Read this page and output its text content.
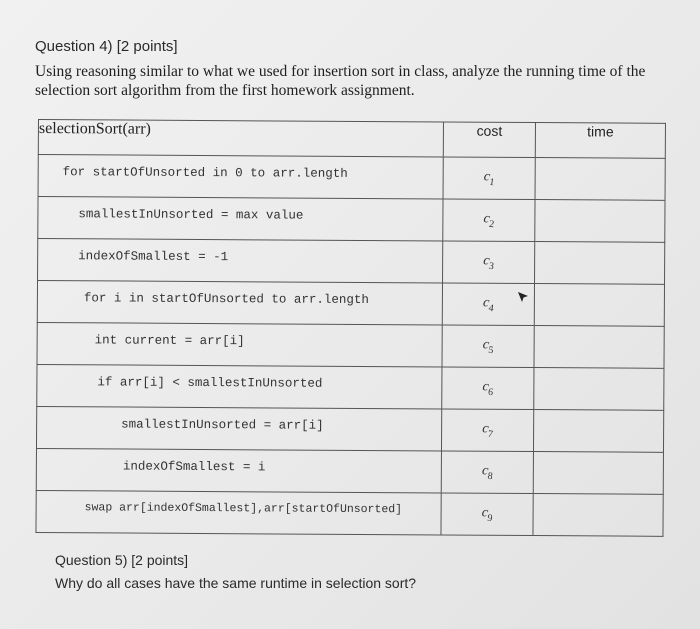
Question 4) [2 points]
Using reasoning similar to what we used for insertion sort in class, analyze the running time of the selection sort algorithm from the first homework assignment.
selectionSort(arr)	cost	time

for startOfUnsorted in 0 to arr.length	$c_1$	

smallestInUnsorted = max value	$c_2$	

indexOfSmallest = -1	$c_3$	

for i in startOfUnsorted to arr.length	$c_4$	

int current = arr[i]	$c_5$	

if arr[i] < smallestInUnsorted	$c_6$	

smallestInUnsorted = arr[i]	$c_7$	

indexOfSmallest = i	$c_8$	

swap arr[indexOfSmallest],arr[startOfUnsorted]	$c_9$	
Question 5) [2 points]
Why do all cases have the same runtime in selection sort?
